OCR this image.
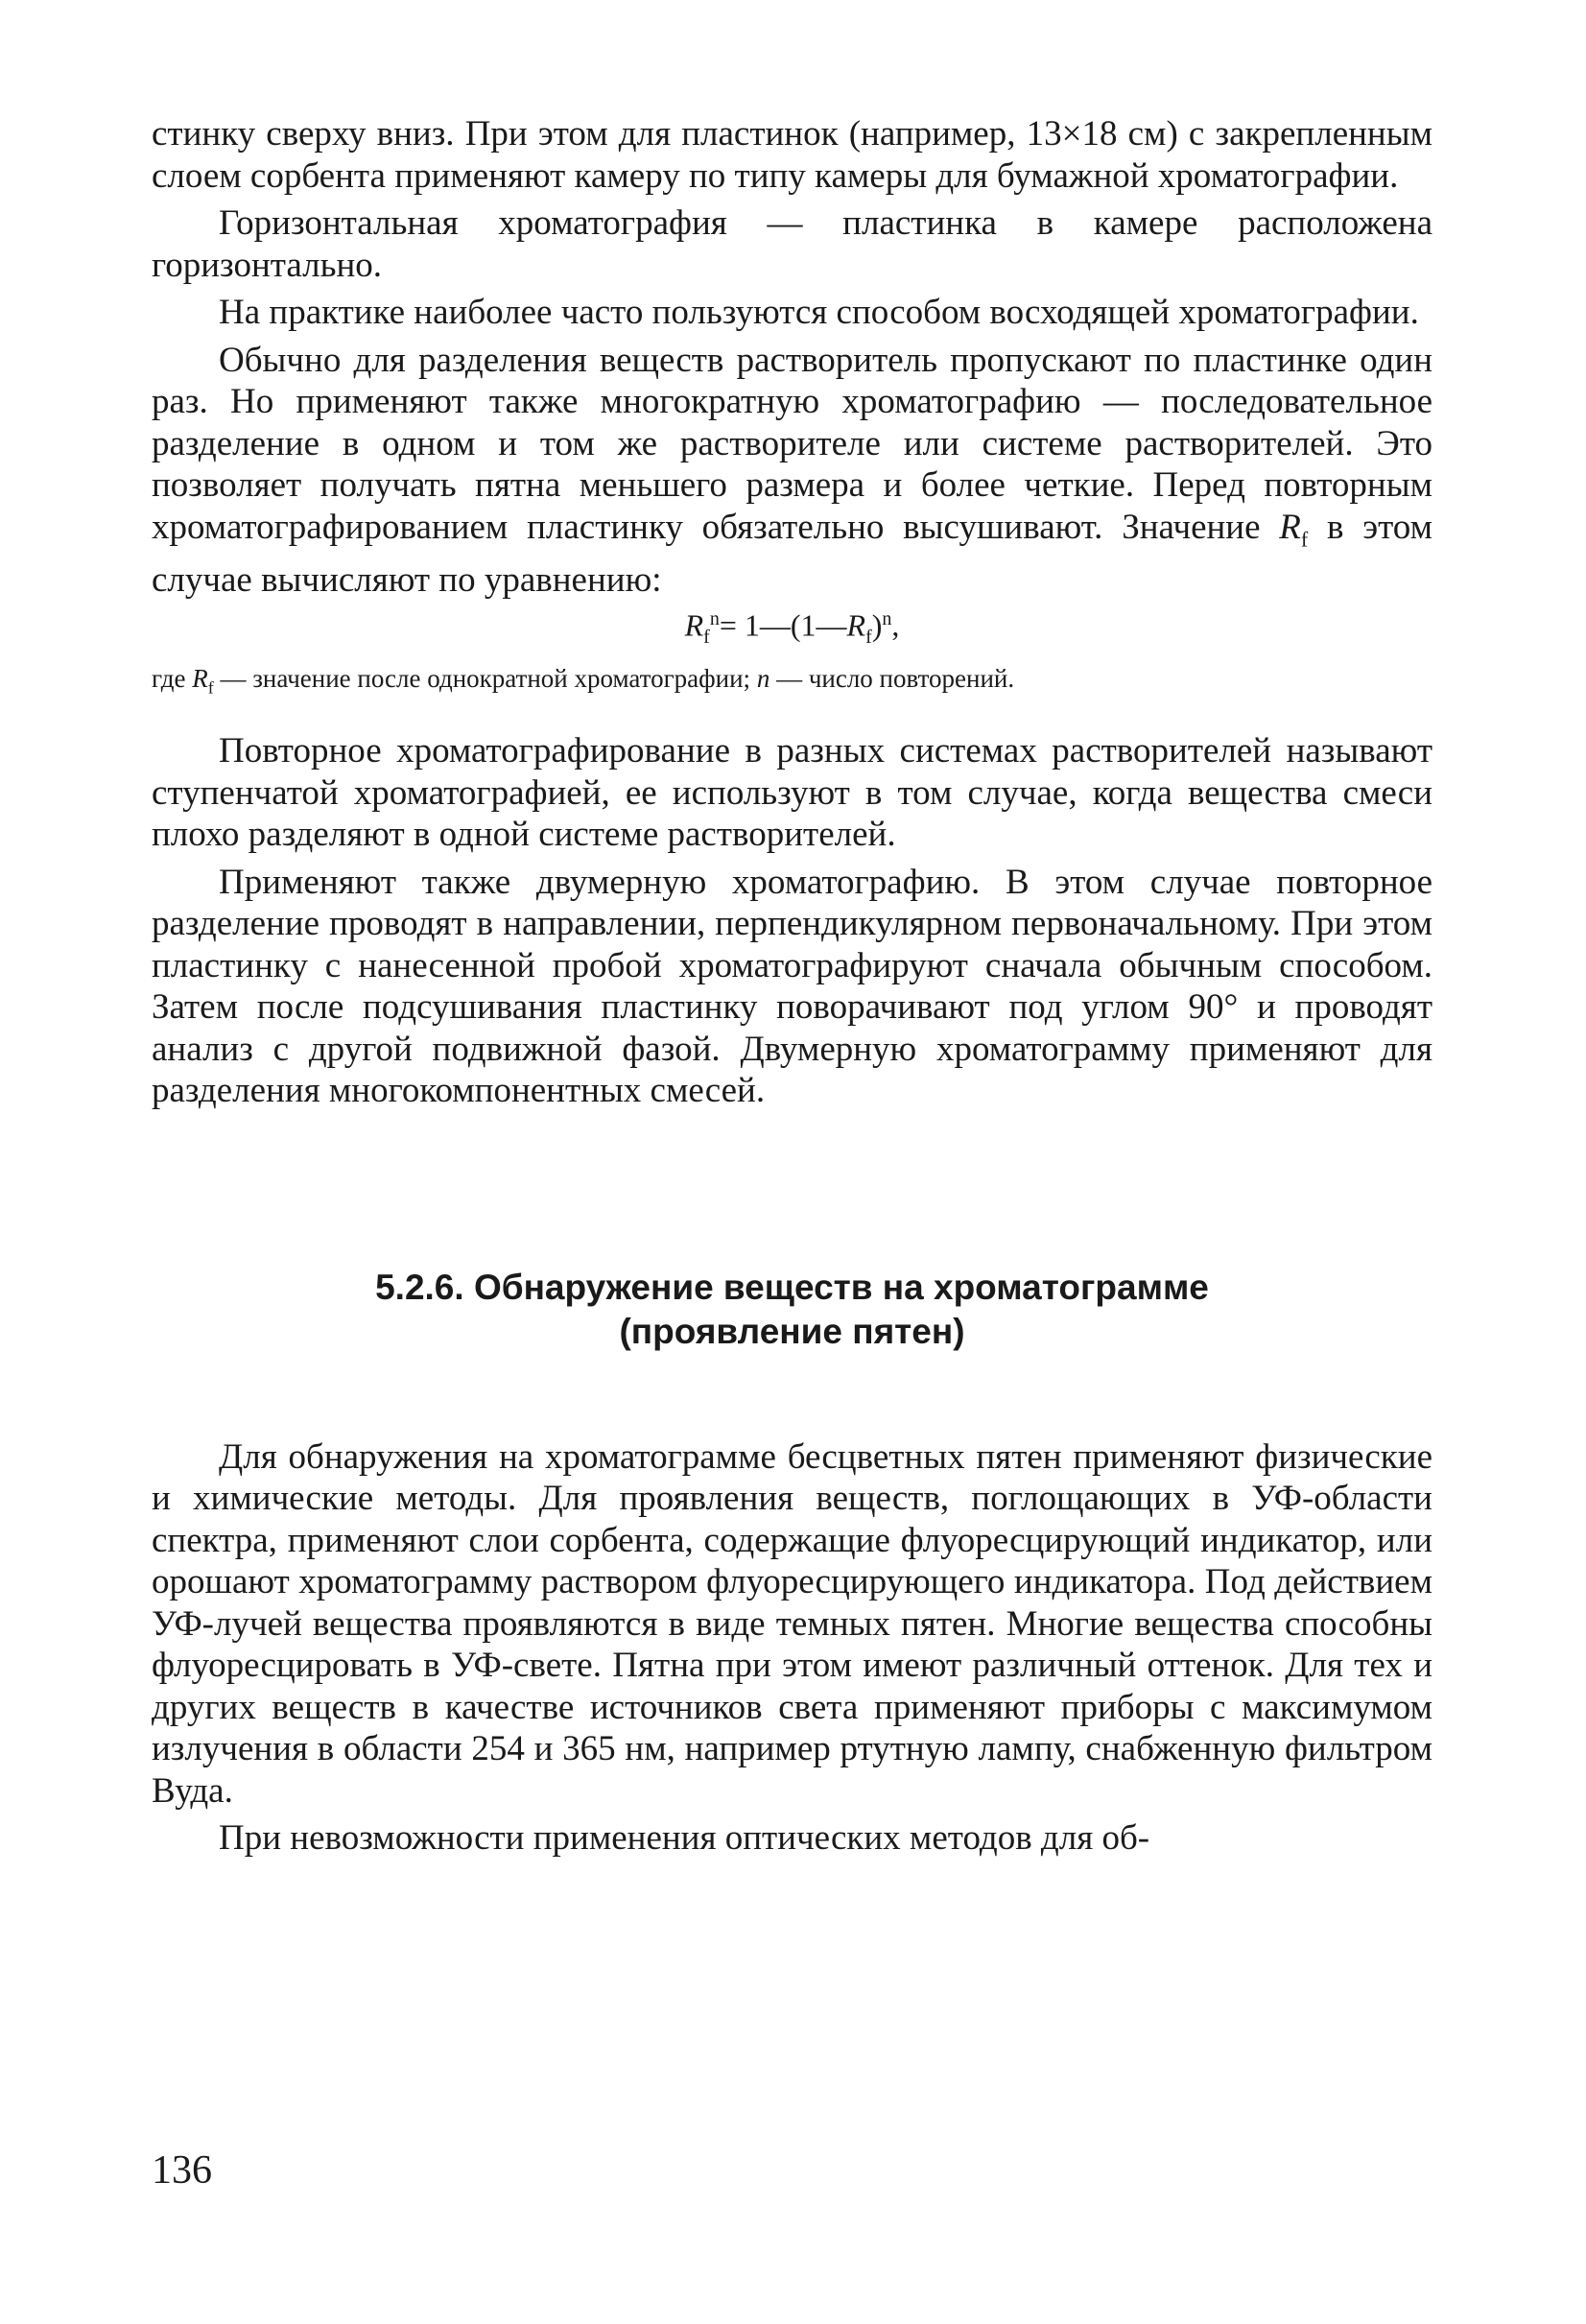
стинку сверху вниз. При этом для пластинок (например, 13×18 см) с закрепленным слоем сорбента применяют камеру по типу камеры для бумажной хроматографии.

Горизонтальная хроматография — пластинка в камере расположена горизонтально.

На практике наиболее часто пользуются способом восходящей хроматографии.

Обычно для разделения веществ растворитель пропускают по пластинке один раз. Но применяют также многократную хроматографию — последовательное разделение в одном и том же растворителе или системе растворителей. Это позволяет получать пятна меньшего размера и более четкие. Перед повторным хроматографированием пластинку обязательно высушивают. Значение $R_f$ в этом случае вычисляют по уравнению:

$R_f^n=$ $1—(1—R_f)^n$,

где $R_f$ — значение после однократной хроматографии; n — число повторений.

Повторное хроматографирование в разных системах растворителей называют ступенчатой хроматографией, ее используют в том случае, когда вещества смеси плохо разделяют в одной системе растворителей.

Применяют также двумерную хроматографию. В этом случае повторное разделение проводят в направлении, перпендикулярном первоначальному. При этом пластинку с нанесенной пробой хроматографируют сначала обычным способом. Затем после подсушивания пластинку поворачивают под углом 90° и проводят анализ с другой подвижной фазой. Двумерную хроматограмму применяют для разделения многокомпонентных смесей.

5.2.6. Обнаружение веществ на хроматограмме
(проявление пятен)

Для обнаружения на хроматограмме бесцветных пятен применяют физические и химические методы. Для проявления веществ, поглощающих в УФ-области спектра, применяют слои сорбента, содержащие флуоресцирующий индикатор, или орошают хроматограмму раствором флуоресцирующего индикатора. Под действием УФ-лучей вещества проявляются в виде темных пятен. Многие вещества способны флуоресцировать в УФ-свете. Пятна при этом имеют различный оттенок. Для тех и других веществ в качестве источников света применяют приборы с максимумом излучения в области 254 и 365 нм, например ртутную лампу, снабженную фильтром Вуда.

При невозможности применения оптических методов для об-

136
